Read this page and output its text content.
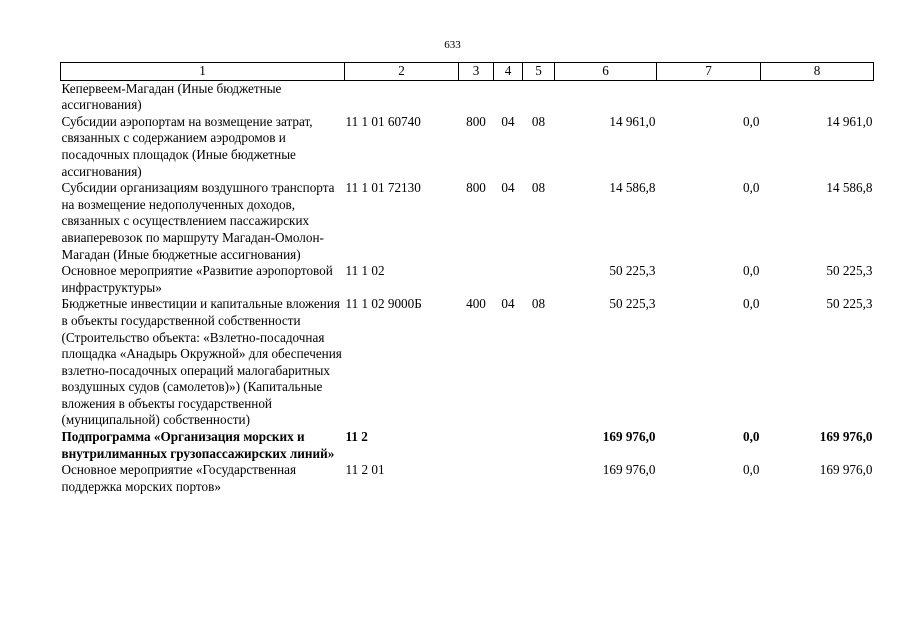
633
1	2	3	4	5	6	7	8
Кепервеем-Магадан (Иные бюджетные ассигнования)							
Субсидии аэропортам на возмещение затрат, связанных с содержанием аэродромов и посадочных площадок (Иные бюджетные ассигнования)	11 1 01 60740	800	04	08	14 961,0	0,0	14 961,0
Субсидии организациям воздушного транспорта на возмещение недополученных доходов, связанных с осуществлением пассажирских авиаперевозок по маршруту Магадан-Омолон-Магадан (Иные бюджетные ассигнования)	11 1 01 72130	800	04	08	14 586,8	0,0	14 586,8
Основное мероприятие «Развитие аэропортовой инфраструктуры»	11 1 02				50 225,3	0,0	50 225,3
Бюджетные инвестиции и капитальные вложения в объекты государственной собственности (Строительство объекта: «Взлетно-посадочная площадка «Анадырь Окружной» для обеспечения взлетно-посадочных операций малогабаритных воздушных судов (самолетов)») (Капитальные вложения в объекты государственной (муниципальной) собственности)	11 1 02 9000Б	400	04	08	50 225,3	0,0	50 225,3
Подпрограмма «Организация морских и внутрилиманных грузопассажирских линий»	11 2				169 976,0	0,0	169 976,0
Основное мероприятие «Государственная поддержка морских портов»	11 2 01				169 976,0	0,0	169 976,0
